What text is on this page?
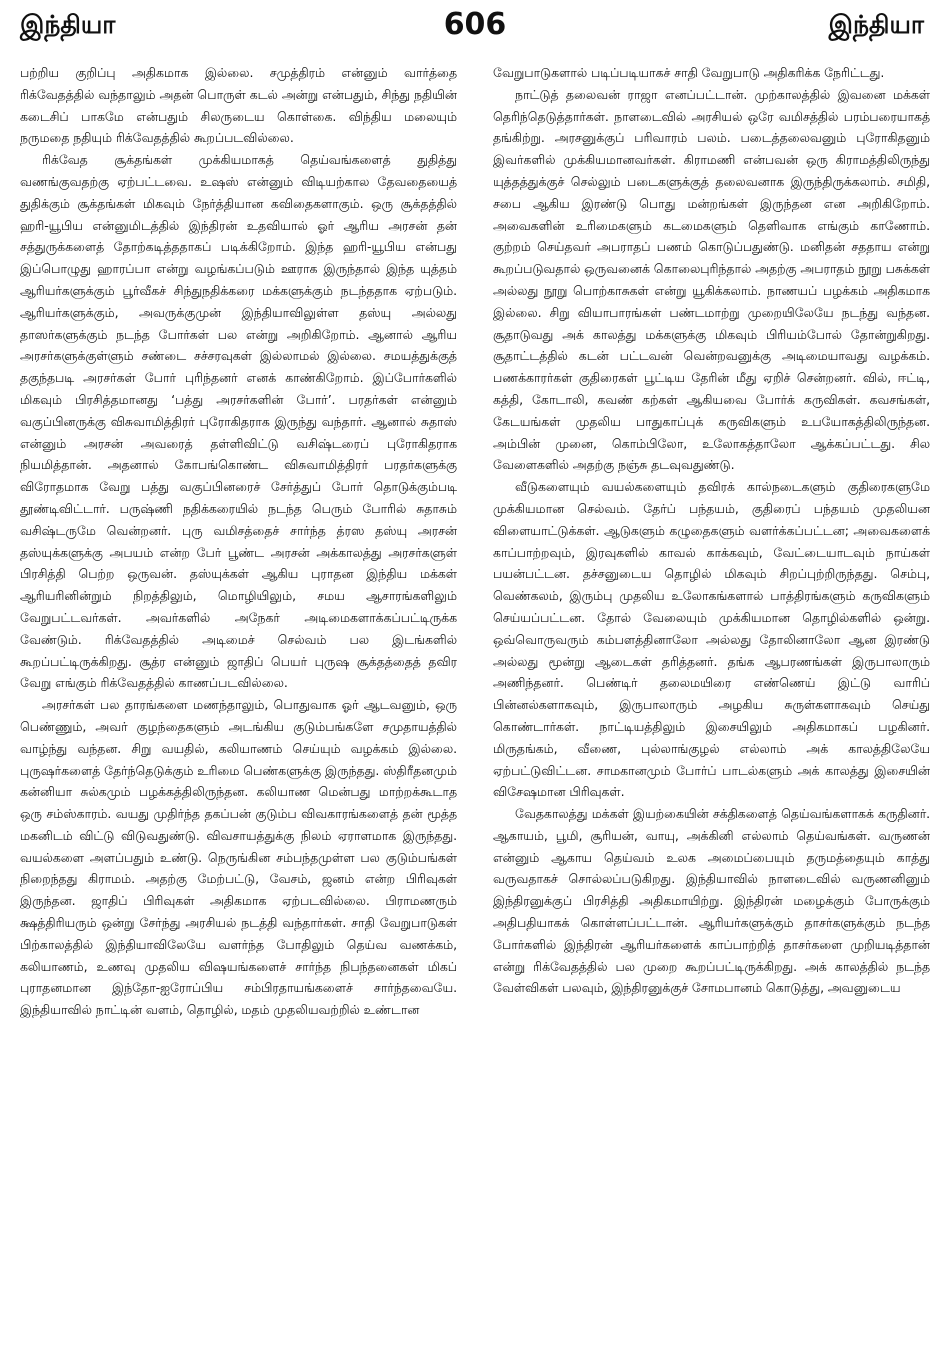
இந்தியா	606	இந்தியா

பற்றிய குறிப்பு அதிகமாக இல்லை. சமுத்திரம் என்னும் வார்த்தை ரிக்வேதத்தில் வந்தாலும் அதன் பொருள் கடல் அன்று என்பதும், சிந்து நதியின் கடைசிப் பாகமே என்பதும் சிலருடைய கொள்கை. விந்திய மலையும் நருமதை நதியும் ரிக்வேதத்தில் கூறப்படவில்லை.

ரிக்வேத சூக்தங்கள் முக்கியமாகத் தெய்வங்களைத் துதித்து வணங்குவதற்கு ஏற்பட்டவை. உஷஸ் என்னும் விடியற்கால தேவதையைத் துதிக்கும் சூக்தங்கள் மிகவும் நேர்த்தியான கவிதைகளாகும். ஒரு சூக்தத்தில் ஹரி-யூபிய என்னுமிடத்தில் இந்திரன் உதவியால் ஓர் ஆரிய அரசன் தன் சத்துருக்களைத் தோற்கடித்ததாகப் படிக்கிறோம். இந்த ஹரி-யூபிய என்பது இப்பொழுது ஹாரப்பா என்று வழங்கப்படும் ஊராக இருந்தால் இந்த யுத்தம் ஆரியர்களுக்கும் பூர்வீகச் சிந்துநதிக்கரை மக்களுக்கும் நடந்ததாக ஏற்படும். ஆரியர்களுக்கும், அவருக்குமுன் இந்தியாவிலுள்ள தஸ்யு அல்லது தாஸர்களுக்கும் நடந்த போர்கள் பல என்று அறிகிறோம். ஆனால் ஆரிய அரசர்களுக்குள்ளும் சண்டை சச்சரவுகள் இல்லாமல் இல்லை. சமயத்துக்குத் தகுந்தபடி அரசர்கள் போர் புரிந்தனர் எனக் காண்கிறோம். இப்போர்களில் மிகவும் பிரசித்தமானது ‘பத்து அரசர்களின் போர்’. பரதர்கள் என்னும் வகுப்பினருக்கு விசுவாமித்திரர் புரோகிதராக இருந்து வந்தார். ஆனால் சுதாஸ் என்னும் அரசன் அவரைத் தள்ளிவிட்டு வசிஷ்டரைப் புரோகிதராக நியமித்தான். அதனால் கோபங்கொண்ட விசுவாமித்திரர் பரதர்களுக்கு விரோதமாக வேறு பத்து வகுப்பினரைச் சேர்த்துப் போர் தொடுக்கும்படி தூண்டிவிட்டார். பருஷ்ணி நதிக்கரையில் நடந்த பெரும் போரில் சுதாசும் வசிஷ்டருமே வென்றனர். புரு வமிசத்தைச் சார்ந்த த்ரஸ தஸ்யு அரசன் தஸ்யுக்களுக்கு அபயம் என்ற பேர் பூண்ட அரசன் அக்காலத்து அரசர்களுள் பிரசித்தி பெற்ற ஒருவன். தஸ்யுக்கள் ஆகிய புராதன இந்திய மக்கள் ஆரியரினின்றும் நிறத்திலும், மொழியிலும், சமய ஆசாரங்களிலும் வேறுபட்டவர்கள். அவர்களில் அநேகர் அடிமைகளாக்கப்பட்டிருக்க வேண்டும். ரிக்வேதத்தில் அடிமைச் செல்வம் பல இடங்களில் கூறப்பட்டிருக்கிறது. சூத்ர என்னும் ஜாதிப் பெயர் புருஷ சூக்தத்தைத் தவிர வேறு எங்கும் ரிக்வேதத்தில் காணப்படவில்லை.

அரசர்கள் பல தாரங்களை மணந்தாலும், பொதுவாக ஓர் ஆடவனும், ஒரு பெண்ணும், அவர் குழந்தைகளும் அடங்கிய குடும்பங்களே சமுதாயத்தில் வாழ்ந்து வந்தன. சிறு வயதில், கலியாணம் செய்யும் வழக்கம் இல்லை. புருஷர்களைத் தேர்ந்தெடுக்கும் உரிமை பெண்களுக்கு இருந்தது. ஸ்திரீதனமும் கன்னியா சுல்கமும் பழக்கத்திலிருந்தன. கலியாண மென்பது மாற்றக்கூடாத ஒரு சம்ஸ்காரம். வயது முதிர்ந்த தகப்பன் குடும்ப விவகாரங்களைத் தன் மூத்த மகனிடம் விட்டு விடுவதுண்டு. விவசாயத்துக்கு நிலம் ஏராளமாக இருந்தது. வயல்களை அளப்பதும் உண்டு. நெருங்கின சம்பந்தமுள்ள பல குடும்பங்கள் நிறைந்தது கிராமம். அதற்கு மேற்பட்டு, வேசம், ஜனம் என்ற பிரிவுகள் இருந்தன. ஜாதிப் பிரிவுகள் அதிகமாக ஏற்படவில்லை. பிராமணரும் க்ஷத்திரியரும் ஒன்று சேர்ந்து அரசியல் நடத்தி வந்தார்கள். சாதி வேறுபாடுகள் பிற்காலத்தில் இந்தியாவிலேயே வளர்ந்த போதிலும் தெய்வ வணக்கம், கலியாணம், உணவு முதலிய விஷயங்களைச் சார்ந்த நிபந்தனைகள் மிகப் புராதனமான இந்தோ-ஐரோப்பிய சம்பிரதாயங்களைச் சார்ந்தவையே. இந்தியாவில் நாட்டின் வளம், தொழில், மதம் முதலியவற்றில் உண்டான

வேறுபாடுகளால் படிப்படியாகச் சாதி வேறுபாடு அதிகரிக்க நேரிட்டது.

நாட்டுத் தலைவன் ராஜா எனப்பட்டான். முற்காலத்தில் இவனை மக்கள் தெரிந்தெடுத்தார்கள். நாளடைவில் அரசியல் ஒரே வமிசத்தில் பரம்பரையாகத் தங்கிற்று. அரசனுக்குப் பரிவாரம் பலம். படைத்தலைவனும் புரோகிதனும் இவர்களில் முக்கியமானவர்கள். கிராமணி என்பவன் ஒரு கிராமத்திலிருந்து யுத்தத்துக்குச் செல்லும் படைகளுக்குத் தலைவனாக இருந்திருக்கலாம். சமிதி, சபை ஆகிய இரண்டு பொது மன்றங்கள் இருந்தன என அறிகிறோம். அவைகளின் உரிமைகளும் கடமைகளும் தெளிவாக எங்கும் காணோம். குற்றம் செய்தவர் அபராதப் பணம் கொடுப்பதுண்டு. மனிதன் சததாய என்று கூறப்படுவதால் ஒருவனைக் கொலைபுரிந்தால் அதற்கு அபராதம் நூறு பசுக்கள் அல்லது நூறு பொற்காசுகள் என்று யூகிக்கலாம். நாணயப் பழக்கம் அதிகமாக இல்லை. சிறு வியாபாரங்கள் பண்டமாற்று முறையிலேயே நடந்து வந்தன. சூதாடுவது அக் காலத்து மக்களுக்கு மிகவும் பிரியம்போல் தோன்றுகிறது. சூதாட்டத்தில் கடன் பட்டவன் வென்றவனுக்கு அடிமையாவது வழக்கம். பணக்காரர்கள் குதிரைகள் பூட்டிய தேரின் மீது ஏறிச் சென்றனர். வில், ஈட்டி, கத்தி, கோடாலி, கவண் கற்கள் ஆகியவை போர்க் கருவிகள். கவசங்கள், கேடயங்கள் முதலிய பாதுகாப்புக் கருவிகளும் உபயோகத்திலிருந்தன. அம்பின் முனை, கொம்பிலோ, உலோகத்தாலோ ஆக்கப்பட்டது. சில வேளைகளில் அதற்கு நஞ்சு தடவுவதுண்டு.

வீடுகளையும் வயல்களையும் தவிரக் கால்நடைகளும் குதிரைகளுமே முக்கியமான செல்வம். தேர்ப் பந்தயம், குதிரைப் பந்தயம் முதலியன விளையாட்டுக்கள். ஆடுகளும் கழுதைகளும் வளர்க்கப்பட்டன; அவைகளைக் காப்பாற்றவும், இரவுகளில் காவல் காக்கவும், வேட்டையாடவும் நாய்கள் பயன்பட்டன. தச்சனுடைய தொழில் மிகவும் சிறப்புற்றிருந்தது. செம்பு, வெண்கலம், இரும்பு முதலிய உலோகங்களால் பாத்திரங்களும் கருவிகளும் செய்யப்பட்டன. தோல் வேலையும் முக்கியமான தொழில்களில் ஒன்று. ஒவ்வொருவரும் கம்பளத்தினாலோ அல்லது தோலினாலோ ஆன இரண்டு அல்லது மூன்று ஆடைகள் தரித்தனர். தங்க ஆபரணங்கள் இருபாலாரும் அணிந்தனர். பெண்டிர் தலைமயிரை எண்ணெய் இட்டு வாரிப் பின்னல்களாகவும், இருபாலாரும் அழகிய சுருள்களாகவும் செய்து கொண்டார்கள். நாட்டியத்திலும் இசையிலும் அதிகமாகப் பழகினர். மிருதங்கம், வீணை, புல்லாங்குழல் எல்லாம் அக் காலத்திலேயே ஏற்பட்டுவிட்டன. சாமகானமும் போர்ப் பாடல்களும் அக் காலத்து இசையின் விசேஷமான பிரிவுகள்.

வேதகாலத்து மக்கள் இயற்கையின் சக்திகளைத் தெய்வங்களாகக் கருதினர். ஆகாயம், பூமி, சூரியன், வாயு, அக்கினி எல்லாம் தெய்வங்கள். வருணன் என்னும் ஆகாய தெய்வம் உலக அமைப்பையும் தருமத்தையும் காத்து வருவதாகச் சொல்லப்படுகிறது. இந்தியாவில் நாளடைவில் வருணனினும் இந்திரனுக்குப் பிரசித்தி அதிகமாயிற்று. இந்திரன் மழைக்கும் போருக்கும் அதிபதியாகக் கொள்ளப்பட்டான். ஆரியர்களுக்கும் தாசர்களுக்கும் நடந்த போர்களில் இந்திரன் ஆரியர்களைக் காப்பாற்றித் தாசர்களை முறியடித்தான் என்று ரிக்வேதத்தில் பல முறை கூறப்பட்டிருக்கிறது. அக் காலத்தில் நடந்த வேள்விகள் பலவும், இந்திரனுக்குச் சோமபானம் கொடுத்து, அவனுடைய
